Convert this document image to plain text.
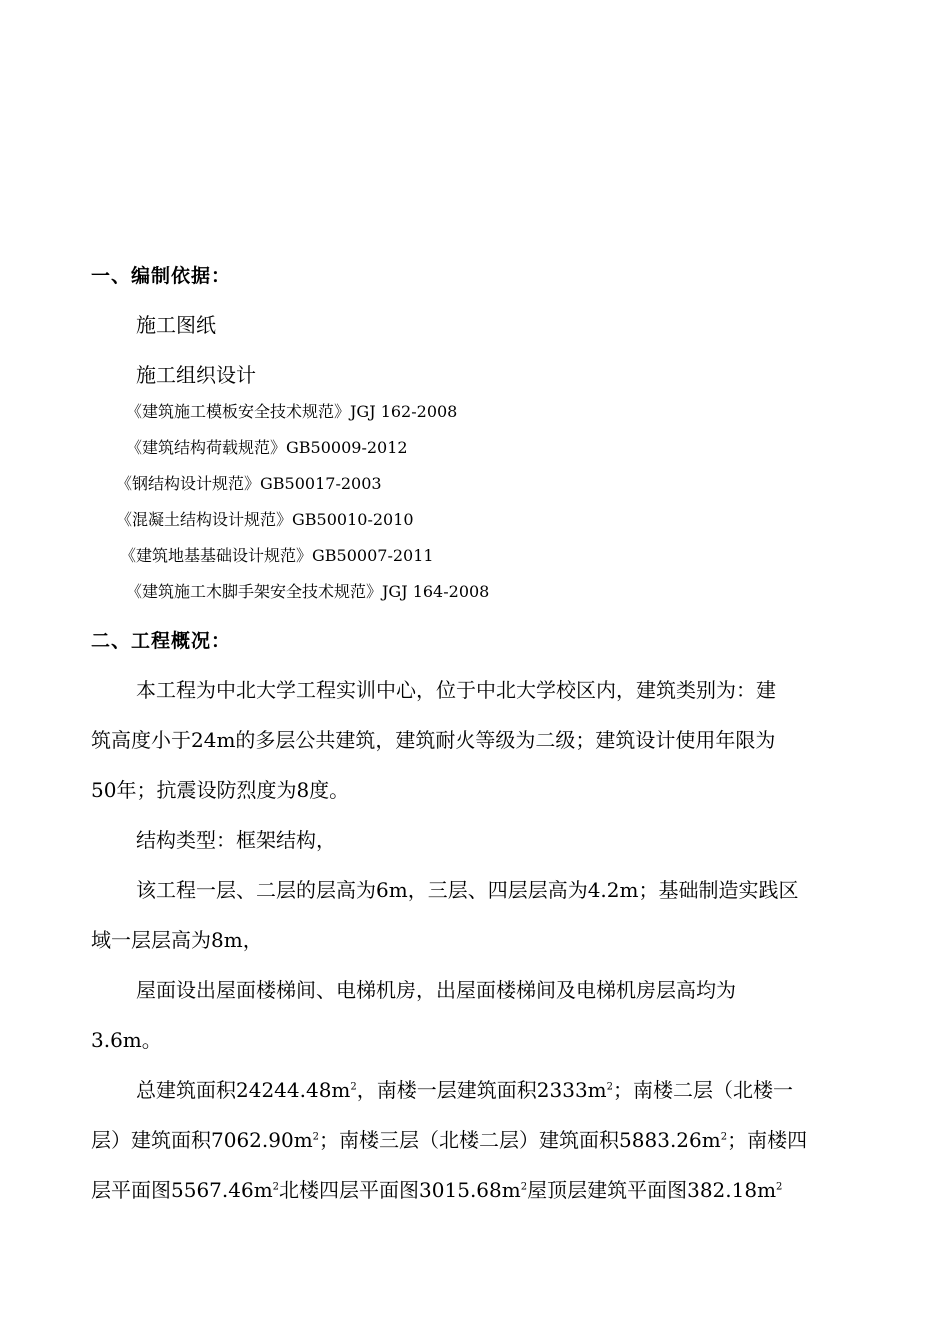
一、编制依据：
施工图纸
施工组织设计
《建筑施工模板安全技术规范》JGJ 162-2008
《建筑结构荷载规范》GB50009-2012
《钢结构设计规范》GB50017-2003
《混凝土结构设计规范》GB50010-2010
《建筑地基基础设计规范》GB50007-2011
《建筑施工木脚手架安全技术规范》JGJ 164-2008
二、工程概况：
本工程为中北大学工程实训中心，位于中北大学校区内，建筑类别为：建
筑高度小于24m的多层公共建筑，建筑耐火等级为二级；建筑设计使用年限为
50年；抗震设防烈度为8度。
结构类型：框架结构，
该工程一层、二层的层高为6m，三层、四层层高为4.2m；基础制造实践区
域一层层高为8m，
屋面设出屋面楼梯间、电梯机房，出屋面楼梯间及电梯机房层高均为
3.6m。
总建筑面积$24244.48m^2$，南楼一层建筑面积$2333m^2$；南楼二层（北楼一
层）建筑面积$7062.90m^2$；南楼三层（北楼二层）建筑面积$5883.26m^2$；南楼四
层平面图$5567.46m^2$北楼四层平面图$3015.68m^2$屋顶层建筑平面图$382.18m^2$
